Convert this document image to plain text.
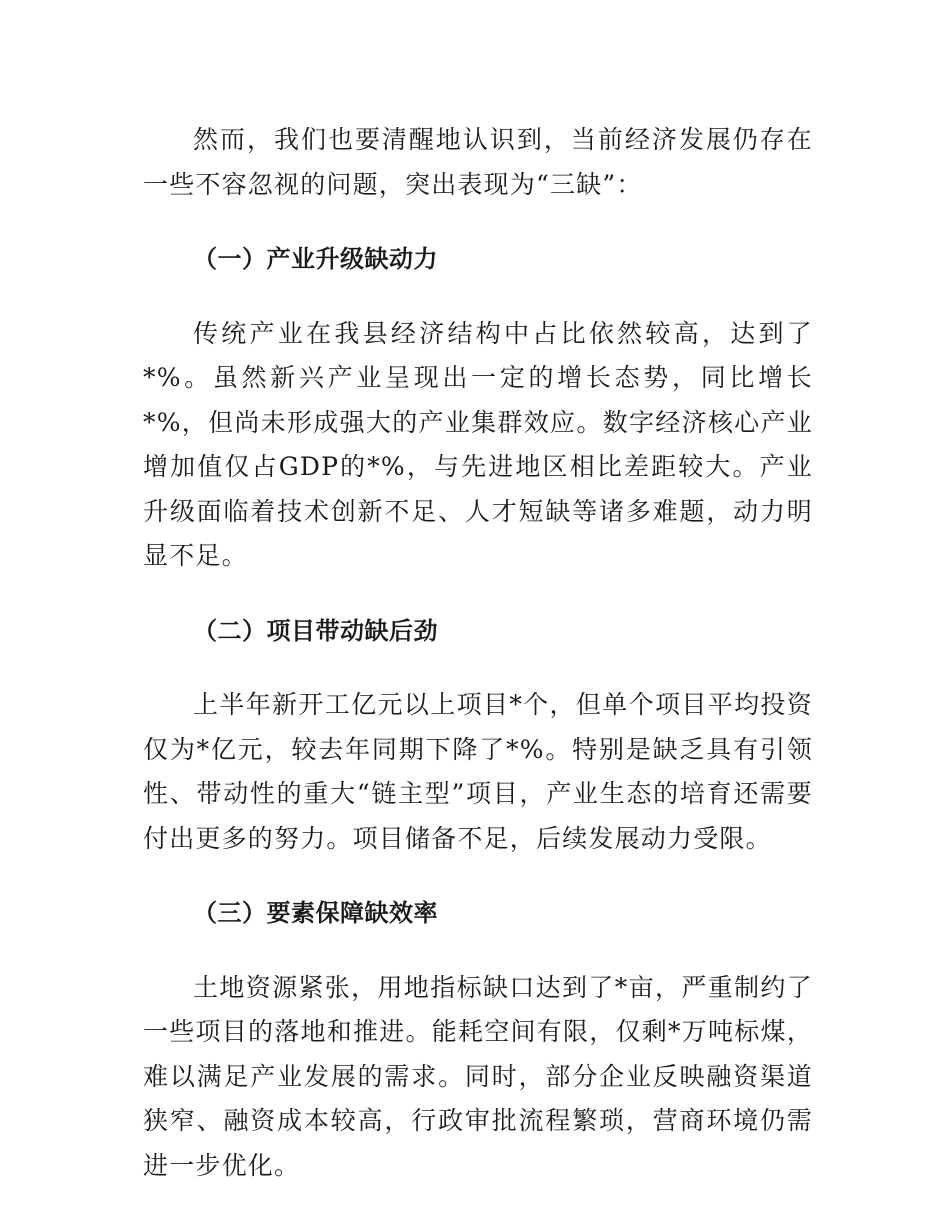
然而，我们也要清醒地认识到，当前经济发展仍存在一些不容忽视的问题，突出表现为“三缺”：

（一）产业升级缺动力

传统产业在我县经济结构中占比依然较高，达到了*%。虽然新兴产业呈现出一定的增长态势，同比增长*%，但尚未形成强大的产业集群效应。数字经济核心产业增加值仅占GDP的*%，与先进地区相比差距较大。产业升级面临着技术创新不足、人才短缺等诸多难题，动力明显不足。

（二）项目带动缺后劲

上半年新开工亿元以上项目*个，但单个项目平均投资仅为*亿元，较去年同期下降了*%。特别是缺乏具有引领性、带动性的重大“链主型”项目，产业生态的培育还需要付出更多的努力。项目储备不足，后续发展动力受限。

（三）要素保障缺效率

土地资源紧张，用地指标缺口达到了*亩，严重制约了一些项目的落地和推进。能耗空间有限，仅剩*万吨标煤，难以满足产业发展的需求。同时，部分企业反映融资渠道狭窄、融资成本较高，行政审批流程繁琐，营商环境仍需进一步优化。
